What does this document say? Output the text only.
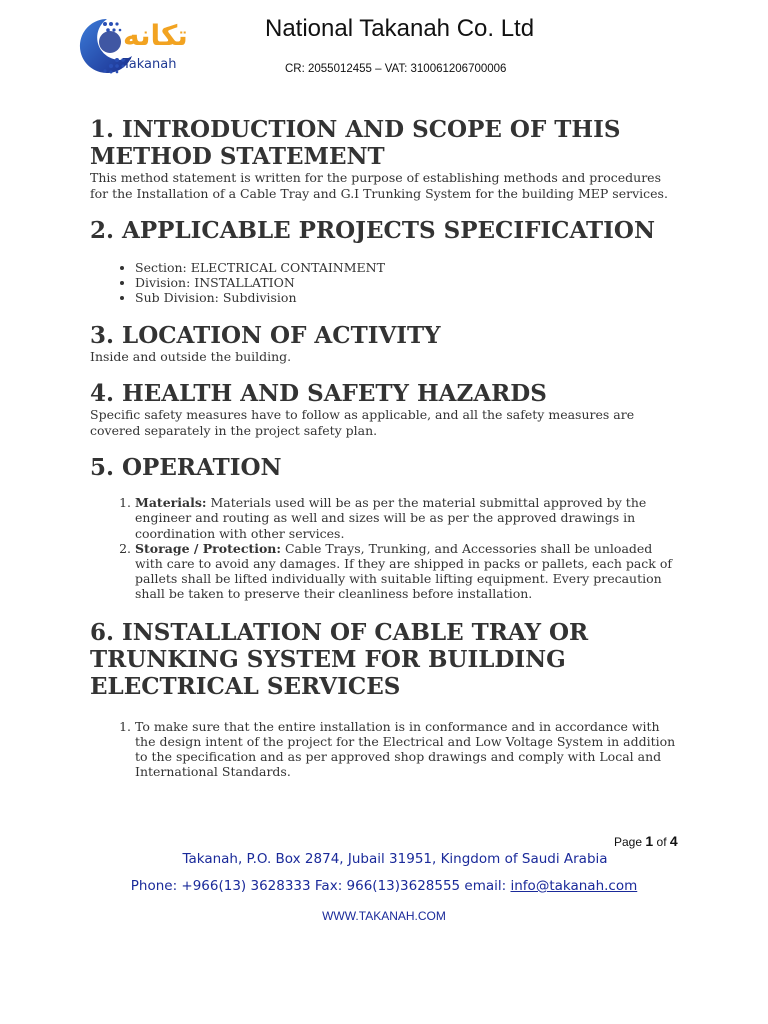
تكانه
Takanah
National Takanah Co. Ltd
CR: 2055012455 – VAT: 310061206700006
1. INTRODUCTION AND SCOPE OF THIS METHOD STATEMENT

This method statement is written for the purpose of establishing methods and procedures for the Installation of a Cable Tray and G.I Trunking System for the building MEP services.

2. APPLICABLE PROJECTS SPECIFICATION
• Section: ELECTRICAL CONTAINMENT
• Division: INSTALLATION
• Sub Division: Subdivision
3. LOCATION OF ACTIVITY

Inside and outside the building.

4. HEALTH AND SAFETY HAZARDS

Specific safety measures have to follow as applicable, and all the safety measures are covered separately in the project safety plan.

5. OPERATION
1. Materials: Materials used will be as per the material submittal approved by the engineer and routing as well and sizes will be as per the approved drawings in coordination with other services.
2. Storage / Protection: Cable Trays, Trunking, and Accessories shall be unloaded with care to avoid any damages. If they are shipped in packs or pallets, each pack of pallets shall be lifted individually with suitable lifting equipment. Every precaution shall be taken to preserve their cleanliness before installation.
6. INSTALLATION OF CABLE TRAY OR TRUNKING SYSTEM FOR BUILDING ELECTRICAL SERVICES
1. To make sure that the entire installation is in conformance and in accordance with the design intent of the project for the Electrical and Low Voltage System in addition to the specification and as per approved shop drawings and comply with Local and International Standards.
Page 1 of 4
Takanah, P.O. Box 2874, Jubail 31951, Kingdom of Saudi Arabia
Phone: +966(13) 3628333 Fax: 966(13)3628555 email: info@takanah.com
WWW.TAKANAH.COM
